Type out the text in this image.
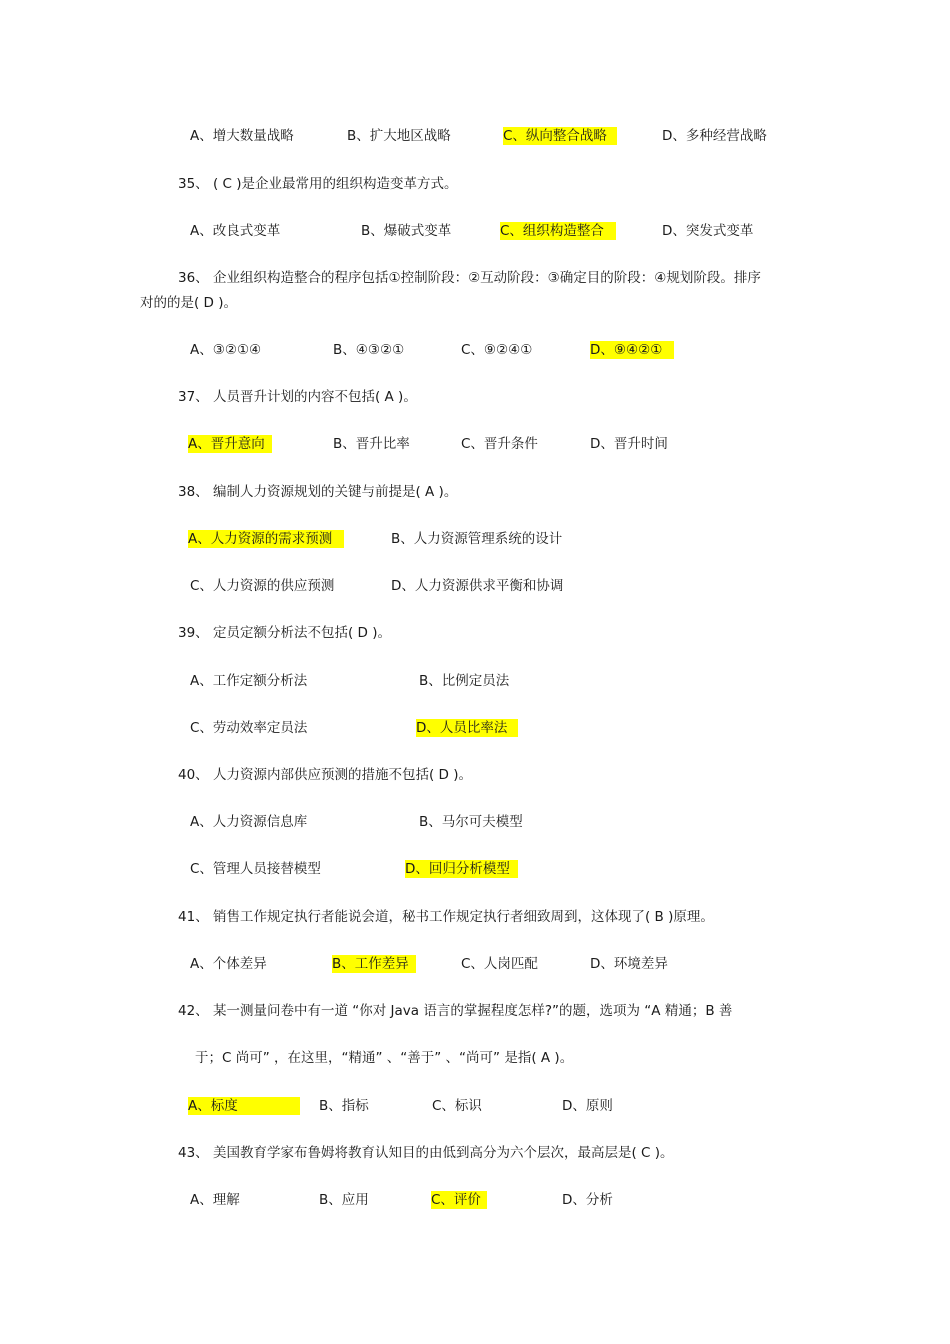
A、增大数量战略	B、扩大地区战略	C、纵向整合战略	D、多种经营战略
35、 ( C )是企业最常用的组织构造变革方式。
A、改良式变革	B、爆破式变革	C、组织构造整合	D、突发式变革
36、 企业组织构造整合的程序包括①控制阶段：②互动阶段：③确定目的阶段：④规划阶段。排序
对的的是( D )。
A、③②①④	B、④③②①	C、⑨②④①	D、⑨④②①
37、 人员晋升计划的内容不包括( A )。
A、晋升意向	B、晋升比率	C、晋升条件	D、晋升时间
38、 编制人力资源规划的关键与前提是( A )。
A、人力资源的需求预测	B、人力资源管理系统的设计
C、人力资源的供应预测	D、人力资源供求平衡和协调
39、 定员定额分析法不包括( D )。
A、工作定额分析法	B、比例定员法
C、劳动效率定员法	D、人员比率法
40、 人力资源内部供应预测的措施不包括( D )。
A、人力资源信息库	B、马尔可夫模型
C、管理人员接替模型	D、回归分析模型
41、 销售工作规定执行者能说会道，秘书工作规定执行者细致周到，这体现了( B )原理。
A、个体差异	B、工作差异	C、人岗匹配	D、环境差异
42、 某一测量问卷中有一道 “你对 Java 语言的掌握程度怎样?”的题，选项为 “A 精通；B 善
于；C 尚可” ，在这里，“精通” 、“善于” 、“尚可” 是指( A )。
A、标度	B、指标	C、标识	D、原则
43、 美国教育学家布鲁姆将教育认知目的由低到高分为六个层次，最高层是( C )。
A、理解	B、应用	C、评价	D、分析
